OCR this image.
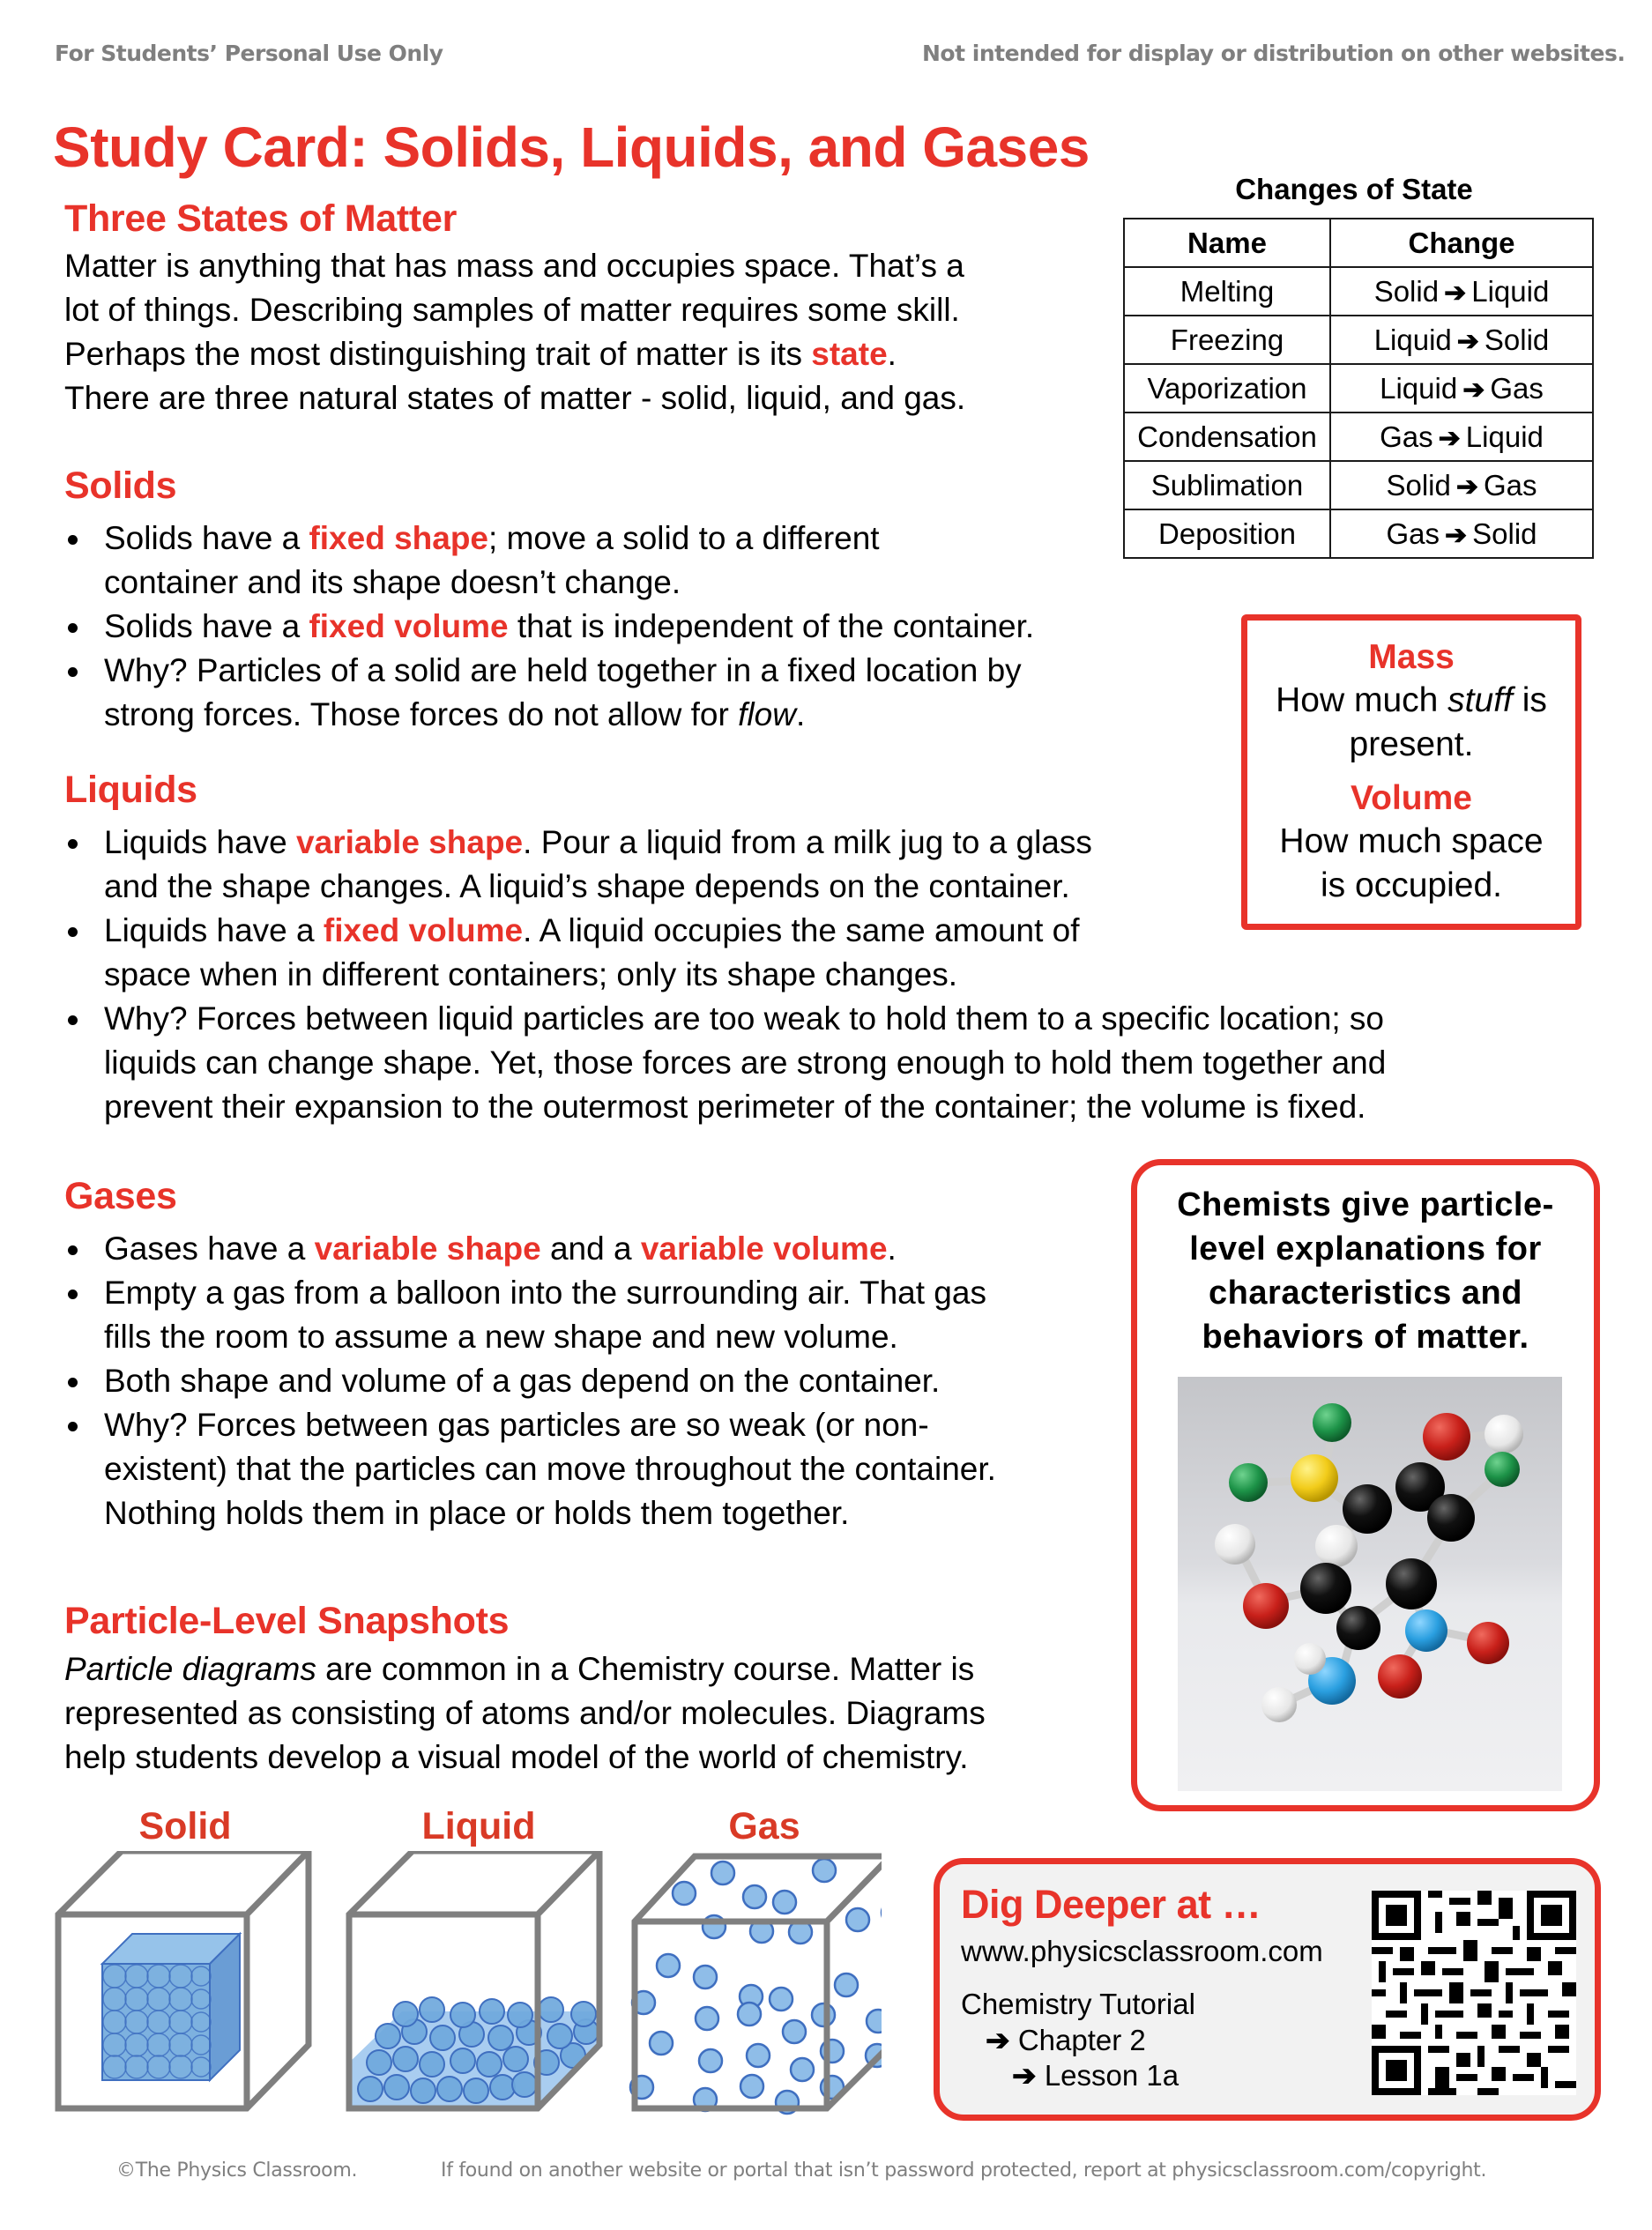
For Students’ Personal Use Only	Not intended for display or distribution on other websites.
Study Card: Solids, Liquids, and Gases
Three States of Matter
Matter is anything that has mass and occupies space. That’s a
lot of things. Describing samples of matter requires some skill.
Perhaps the most distinguishing trait of matter is its state.
There are three natural states of matter - solid, liquid, and gas.
Solids
Solids have a fixed shape; move a solid to a different
container and its shape doesn’t change.
Solids have a fixed volume that is independent of the container.
Why? Particles of a solid are held together in a fixed location by
strong forces. Those forces do not allow for flow.
Liquids
Liquids have variable shape. Pour a liquid from a milk jug to a glass
and the shape changes. A liquid’s shape depends on the container.
Liquids have a fixed volume. A liquid occupies the same amount of
space when in different containers; only its shape changes.
Why? Forces between liquid particles are too weak to hold them to a specific location; so
liquids can change shape. Yet, those forces are strong enough to hold them together and
prevent their expansion to the outermost perimeter of the container; the volume is fixed.
Gases
Gases have a variable shape and a variable volume.
Empty a gas from a balloon into the surrounding air. That gas
fills the room to assume a new shape and new volume.
Both shape and volume of a gas depend on the container.
Why? Forces between gas particles are so weak (or non-
existent) that the particles can move throughout the container.
Nothing holds them in place or holds them together.
Particle-Level Snapshots
Particle diagrams are common in a Chemistry course. Matter is
represented as consisting of atoms and/or molecules. Diagrams
help students develop a visual model of the world of chemistry.
Changes of State
Name	Change
Melting	Solid ➔ Liquid
Freezing	Liquid ➔ Solid
Vaporization	Liquid ➔ Gas
Condensation	Gas ➔ Liquid
Sublimation	Solid ➔ Gas
Deposition	Gas ➔ Solid
Mass
How much stuff is
present.
Volume
How much space
is occupied.
Chemists give particle-
level explanations for
characteristics and
behaviors of matter.
Solid	Liquid	Gas
Dig Deeper at …
www.physicsclassroom.com
Chemistry Tutorial
➔ Chapter 2
➔ Lesson 1a
©The Physics Classroom.	If found on another website or portal that isn’t password protected, report at physicsclassroom.com/copyright.
